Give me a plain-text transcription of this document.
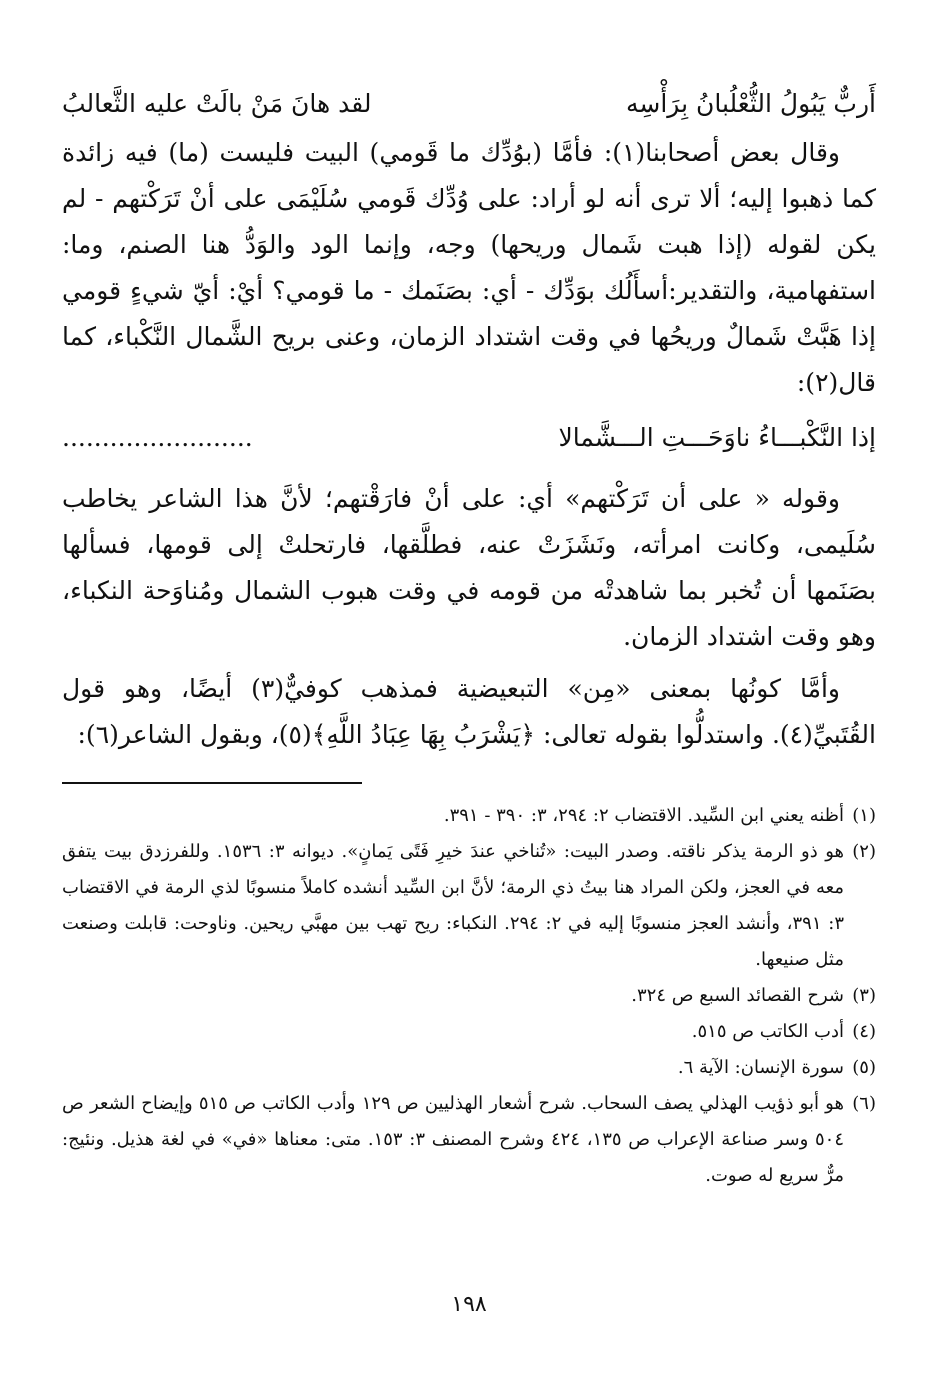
أَربٌّ يَبُولُ الثُّعْلُبانُ بِرَأْسِه
لقد هانَ مَنْ بالَتْ عليه الثَّعالبُ

وقال بعض أصحابنا(١): فأمَّا (بوُدِّك ما قَومي) البيت فليست (ما) فيه زائدة كما ذهبوا إليه؛ ألا ترى أنه لو أراد: على وُدِّك قَومي سُلَيْمَى على أنْ تَرَكْتهم - لم يكن لقوله (إذا هبت شَمال وريحها) وجه، وإنما الود والوَدُّ هنا الصنم، وما: استفهامية، والتقدير:أسأَلُك بوَدِّك - أي: بصَنَمك - ما قومي؟ أيْ: أيّ شيءٍ قومي إذا هَبَّتْ شَمالٌ وريحُها في وقت اشتداد الزمان، وعنى بريح الشَّمال النَّكْباء، كما قال(٢):

إذا النَّكْبـــاءُ ناوَحَـــتِ الـــشَّمالا
........................

وقوله « على أن تَرَكْتهم» أي: على أنْ فارَقْتهم؛ لأنَّ هذا الشاعر يخاطب سُلَيمى، وكانت امرأته، ونَشَزَتْ عنه، فطلَّقها، فارتحلتْ إلى قومها، فسألها بصَنَمها أن تُخبر بما شاهدتْه من قومه في وقت هبوب الشمال ومُناوَحة النكباء، وهو وقت اشتداد الزمان.

وأمَّا كونُها بمعنى «مِن» التبعيضية فمذهب كوفيٌّ(٣) أيضًا، وهو قول القُتَبيِّ(٤). واستدلُّوا بقوله تعالى: ﴿يَشْرَبُ بِهَا عِبَادُ اللَّهِ﴾(٥)، وبقول الشاعر(٦):

(١)
أظنه يعني ابن السِّيد. الاقتضاب ٢: ٢٩٤، ٣: ٣٩٠ - ٣٩١.
(٢)
هو ذو الرمة يذكر ناقته. وصدر البيت: «تُناخي عندَ خيرِ فَتًى يَمانٍ». ديوانه ٣: ١٥٣٦. وللفرزدق بيت يتفق معه في العجز، ولكن المراد هنا بيتُ ذي الرمة؛ لأنَّ ابن السِّيد أنشده كاملاً منسوبًا لذي الرمة في الاقتضاب ٣: ٣٩١، وأنشد العجز منسوبًا إليه في ٢: ٢٩٤. النكباء: ريح تهب بين مهبَّي ريحين. وناوحت: قابلت وصنعت مثل صنيعها.
(٣)
شرح القصائد السبع ص ٣٢٤.
(٤)
أدب الكاتب ص ٥١٥.
(٥)
سورة الإنسان: الآية ٦.
(٦)
هو أبو ذؤيب الهذلي يصف السحاب. شرح أشعار الهذليين ص ١٢٩ وأدب الكاتب ص ٥١٥ وإيضاح الشعر ص ٥٠٤ وسر صناعة الإعراب ص ١٣٥، ٤٢٤ وشرح المصنف ٣: ١٥٣. متى: معناها «في» في لغة هذيل. ونئيج: مرٌّ سريع له صوت.
١٩٨
